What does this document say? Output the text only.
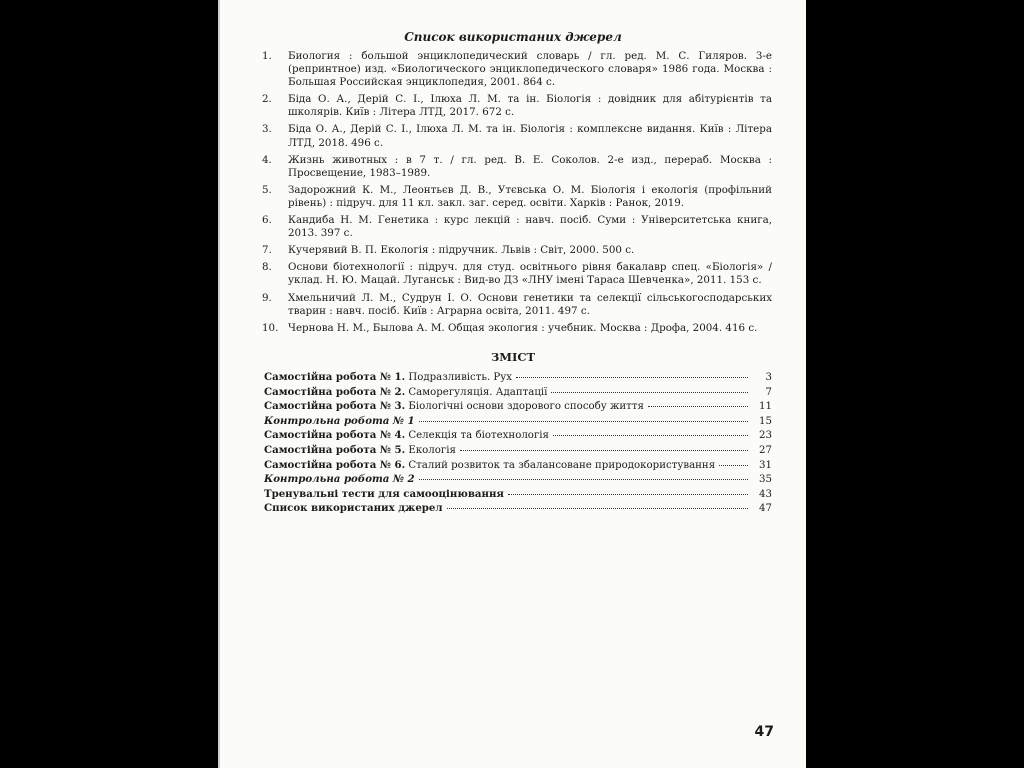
Список використаних джерел
1. Биология : большой энциклопедический словарь / гл. ред. М. С. Гиляров. 3-е (репринтное) изд. «Биологического энциклопедического словаря» 1986 года. Москва : Большая Российская энциклопедия, 2001. 864 с.
2. Біда О. А., Дерій С. І., Ілюха Л. М. та ін. Біологія : довідник для абітурієнтів та школярів. Київ : Літера ЛТД, 2017. 672 с.
3. Біда О. А., Дерій С. І., Ілюха Л. М. та ін. Біологія : комплексне видання. Київ : Літера ЛТД, 2018. 496 с.
4. Жизнь животных : в 7 т. / гл. ред. В. Е. Соколов. 2-е изд., перераб. Москва : Просвещение, 1983–1989.
5. Задорожний К. М., Леонтьєв Д. В., Утєвська О. М. Біологія і екологія (профільний рівень) : підруч. для 11 кл. закл. заг. серед. освіти. Харків : Ранок, 2019.
6. Кандиба Н. М. Генетика : курс лекцій : навч. посіб. Суми : Університетська книга, 2013. 397 с.
7. Кучерявий В. П. Екологія : підручник. Львів : Світ, 2000. 500 с.
8. Основи біотехнології : підруч. для студ. освітнього рівня бакалавр спец. «Біологія» / уклад. Н. Ю. Мацай. Луганськ : Вид-во ДЗ «ЛНУ імені Тараса Шевченка», 2011. 153 с.
9. Хмельничий Л. М., Судрун І. О. Основи генетики та селекції сільськогосподарських тварин : навч. посіб. Київ : Аграрна освіта, 2011. 497 с.
10. Чернова Н. М., Былова А. М. Общая экология : учебник. Москва : Дрофа, 2004. 416 с.
ЗМІСТ
Самостійна робота № 1. Подразливість. Рух	3
Самостійна робота № 2. Саморегуляція. Адаптації	7
Самостійна робота № 3. Біологічні основи здорового способу життя	11
Контрольна робота № 1	15
Самостійна робота № 4. Селекція та біотехнологія	23
Самостійна робота № 5. Екологія	27
Самостійна робота № 6. Сталий розвиток та збалансоване природокористування	31
Контрольна робота № 2	35
Тренувальні тести для самооцінювання	43
Список використаних джерел	47
47
